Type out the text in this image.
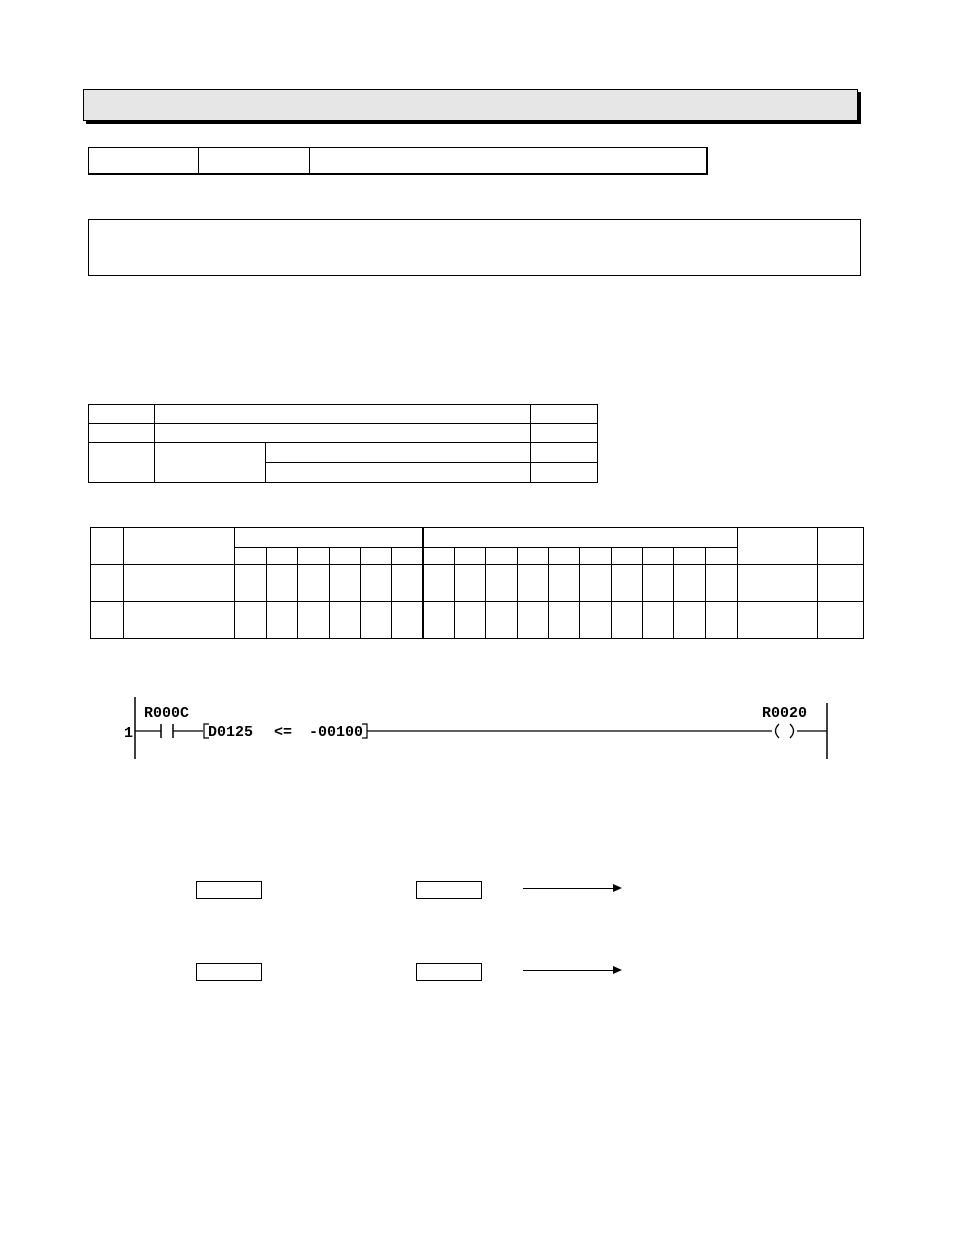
1
R000C
D0125 <= -00100
R0020
